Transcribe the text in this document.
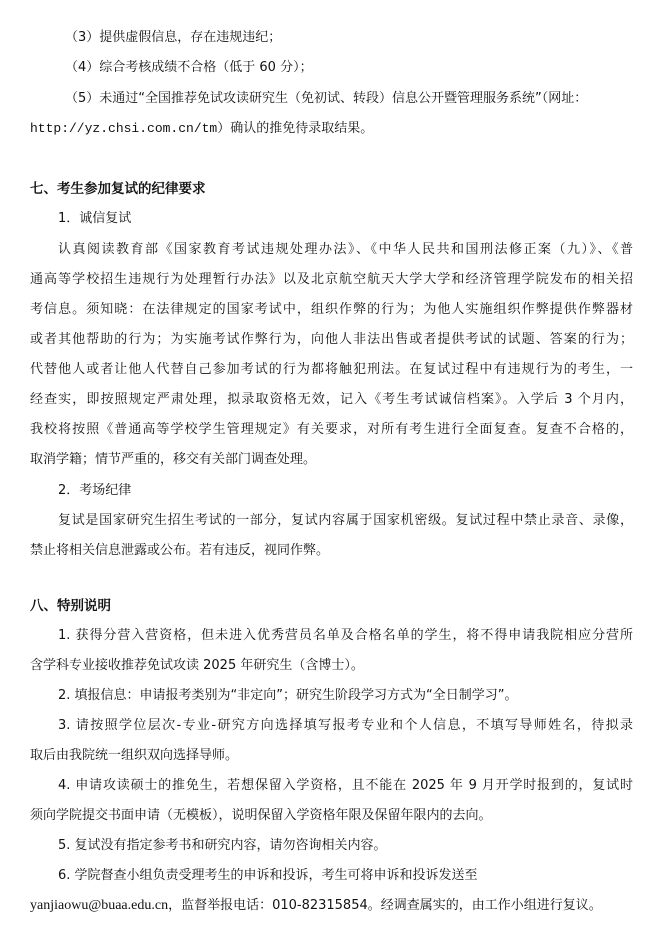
（3）提供虚假信息，存在违规违纪；
（4）综合考核成绩不合格（低于 60 分）；
（5）未通过“全国推荐免试攻读研究生（免初试、转段）信息公开暨管理服务系统”（网址：
http://yz.chsi.com.cn/tm）确认的推免待录取结果。
七、考生参加复试的纪律要求
1．诚信复试
认真阅读教育部《国家教育考试违规处理办法》、《中华人民共和国刑法修正案（九）》、《普
通高等学校招生违规行为处理暂行办法》以及北京航空航天大学大学和经济管理学院发布的相关招
考信息。须知晓：在法律规定的国家考试中，组织作弊的行为；为他人实施组织作弊提供作弊器材
或者其他帮助的行为；为实施考试作弊行为，向他人非法出售或者提供考试的试题、答案的行为；
代替他人或者让他人代替自己参加考试的行为都将触犯刑法。在复试过程中有违规行为的考生，一
经查实，即按照规定严肃处理，拟录取资格无效，记入《考生考试诚信档案》。入学后 3 个月内，
我校将按照《普通高等学校学生管理规定》有关要求，对所有考生进行全面复查。复查不合格的，
取消学籍；情节严重的，移交有关部门调查处理。
2．考场纪律
复试是国家研究生招生考试的一部分，复试内容属于国家机密级。复试过程中禁止录音、录像，
禁止将相关信息泄露或公布。若有违反，视同作弊。
八、特别说明
1. 获得分营入营资格，但未进入优秀营员名单及合格名单的学生，将不得申请我院相应分营所
含学科专业接收推荐免试攻读 2025 年研究生（含博士）。
2. 填报信息：申请报考类别为“非定向”；研究生阶段学习方式为“全日制学习”。
3. 请按照学位层次-专业-研究方向选择填写报考专业和个人信息，不填写导师姓名，待拟录
取后由我院统一组织双向选择导师。
4. 申请攻读硕士的推免生，若想保留入学资格，且不能在 2025 年 9 月开学时报到的，复试时
须向学院提交书面申请（无模板），说明保留入学资格年限及保留年限内的去向。
5. 复试没有指定参考书和研究内容，请勿咨询相关内容。
6. 学院督查小组负责受理考生的申诉和投诉，考生可将申诉和投诉发送至
yanjiaowu@buaa.edu.cn，监督举报电话：010-82315854。经调查属实的，由工作小组进行复议。
